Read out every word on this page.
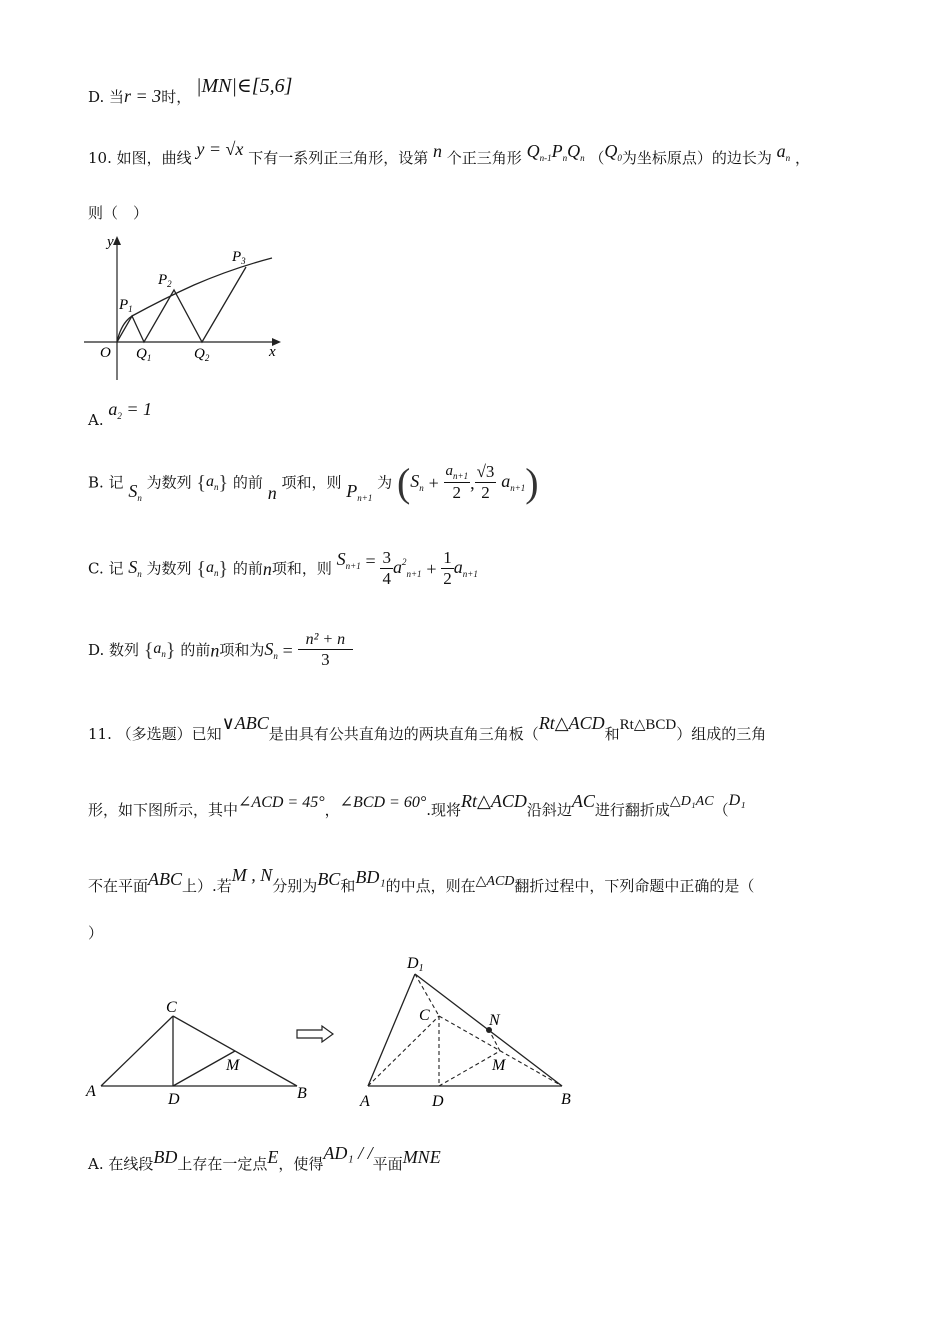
D. 当r = 3时， |MN|∈[5,6]
10. 如图，曲线 y = √x 下有一系列正三角形，设第 n 个正三角形 $Q_{n-1}P_nQ_n$ （$Q_0$为坐标原点）的边长为 $a_n$ ，
则（　）
y
x
O
$P_1$
$P_2$
$P_3$
$Q_1$	$Q_2$
A. $a_2 = 1$
B. 记 $S_n$ 为数列 $\{a_n\}$ 的前 n 项和，则 $P_{n+1}$ 为 ($S_n + \frac{a_{n+1}}{2}$ , $\frac{√3}{2} a_{n+1}$)
C. 记 $S_n$ 为数列 $\{a_n\}$ 的前n项和，则 $S_{n+1} = \frac{3}{4} a^2_{n+1} + \frac{1}{2} a_{n+1}$
D. 数列 $\{a_n\}$ 的前n项和为$S_n = \frac{\text{n² + n}}{3}$
11. （多选题）已知∨ABC是由具有公共直角边的两块直角三角板（Rt△ACD和Rt△BCD）组成的三角
形，如下图所示，其中∠ACD = 45°，∠BCD = 60°.现将Rt△ACD沿斜边AC进行翻折成△D₁AC（D₁
不在平面ABC上）.若M , N分别为BC和BD₁的中点，则在△ACD翻折过程中，下列命题中正确的是（
）
C
A	D	B
M
D1
C	N
M
A	D	B
A. 在线段BD上存在一定点E，使得AD₁ / /平面MNE
